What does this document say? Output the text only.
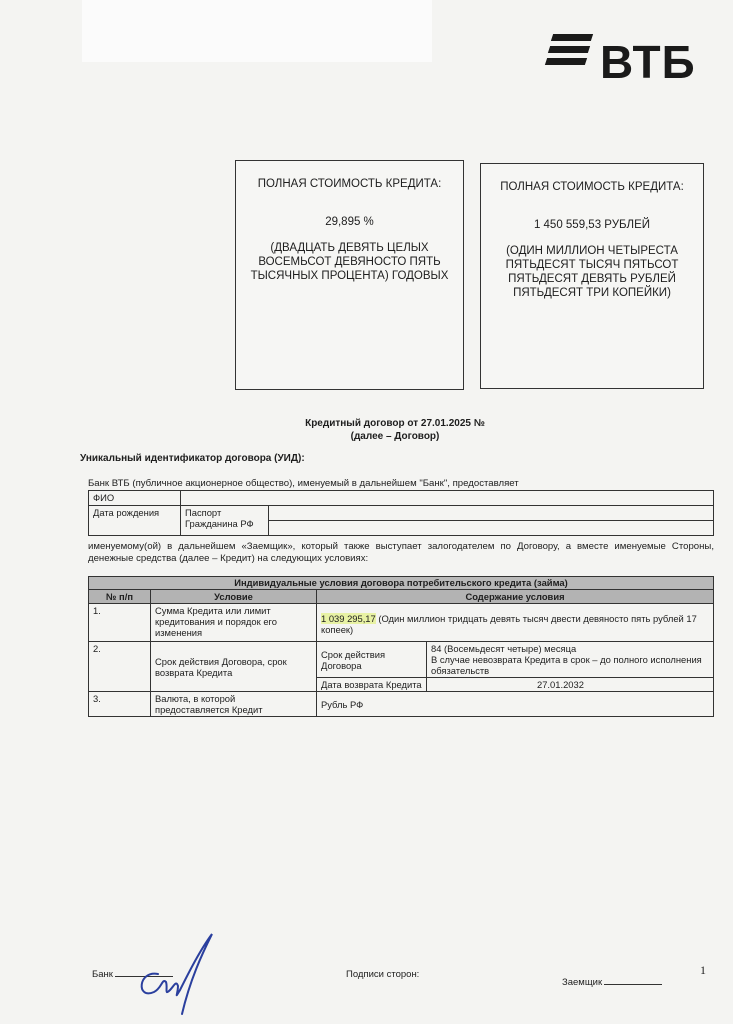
ВТБ
ПОЛНАЯ СТОИМОСТЬ КРЕДИТА:
29,895 %
(ДВАДЦАТЬ ДЕВЯТЬ ЦЕЛЫХ ВОСЕМЬСОТ ДЕВЯНОСТО ПЯТЬ ТЫСЯЧНЫХ ПРОЦЕНТА) ГОДОВЫХ
ПОЛНАЯ СТОИМОСТЬ КРЕДИТА:
1 450 559,53 РУБЛЕЙ
(ОДИН МИЛЛИОН ЧЕТЫРЕСТА ПЯТЬДЕСЯТ ТЫСЯЧ ПЯТЬСОТ ПЯТЬДЕСЯТ ДЕВЯТЬ РУБЛЕЙ ПЯТЬДЕСЯТ ТРИ КОПЕЙКИ)
Кредитный договор от 27.01.2025 №
(далее – Договор)
Уникальный идентификатор договора (УИД):
Банк ВТБ (публичное акционерное общество), именуемый в дальнейшем "Банк", предоставляет
ФИО		
Дата рождения	Паспорт Гражданина РФ	

именуемому(ой) в дальнейшем «Заемщик», который также выступает залогодателем по Договору, а вместе именуемые Стороны, денежные средства (далее – Кредит) на следующих условиях:
Индивидуальные условия договора потребительского кредита (займа)			
№ п/п	Условие	Содержание условия	
1.	Сумма Кредита или лимит кредитования и порядок его изменения	1 039 295,17 (Один миллион тридцать девять тысяч двести девяносто пять рублей 17 копеек)	
2.	Срок действия Договора, срок возврата Кредита	Срок действия Договора	84 (Восемьдесят четыре) месяца
В случае невозврата Кредита в срок – до полного исполнения обязательств

		Дата возврата Кредита	27.01.2032
3.	Валюта, в которой предоставляется Кредит	Рубль РФ	
Банк	Подписи сторон:
Заемщик
1
